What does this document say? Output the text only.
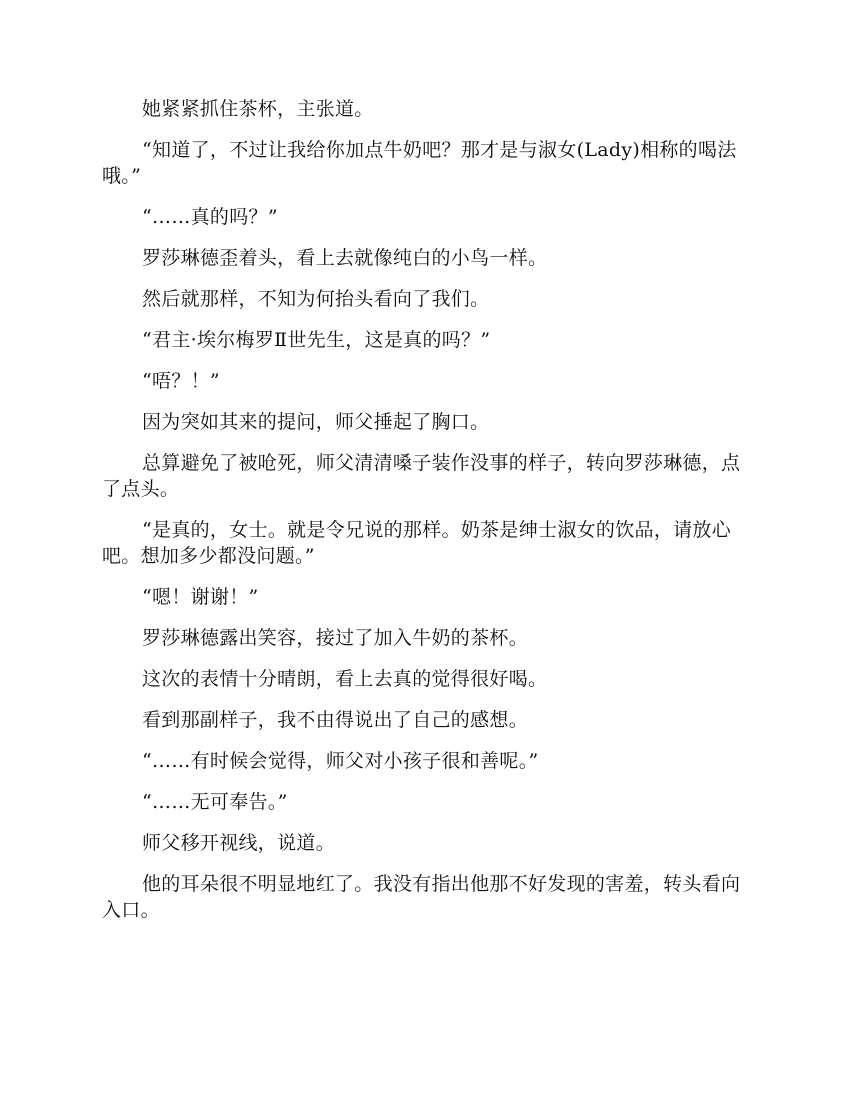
她紧紧抓住茶杯，主张道。

“知道了，不过让我给你加点牛奶吧？那才是与淑女(Lady)相称的喝法哦。”

“……真的吗？”

罗莎琳德歪着头，看上去就像纯白的小鸟一样。

然后就那样，不知为何抬头看向了我们。

“君主·埃尔梅罗Ⅱ世先生，这是真的吗？”

“唔？！”

因为突如其来的提问，师父捶起了胸口。

总算避免了被呛死，师父清清嗓子装作没事的样子，转向罗莎琳德，点了点头。

“是真的，女士。就是令兄说的那样。奶茶是绅士淑女的饮品，请放心吧。想加多少都没问题。”

“嗯！谢谢！”

罗莎琳德露出笑容，接过了加入牛奶的茶杯。

这次的表情十分晴朗，看上去真的觉得很好喝。

看到那副样子，我不由得说出了自己的感想。

“……有时候会觉得，师父对小孩子很和善呢。”

“……无可奉告。”

师父移开视线，说道。

他的耳朵很不明显地红了。我没有指出他那不好发现的害羞，转头看向入口。
